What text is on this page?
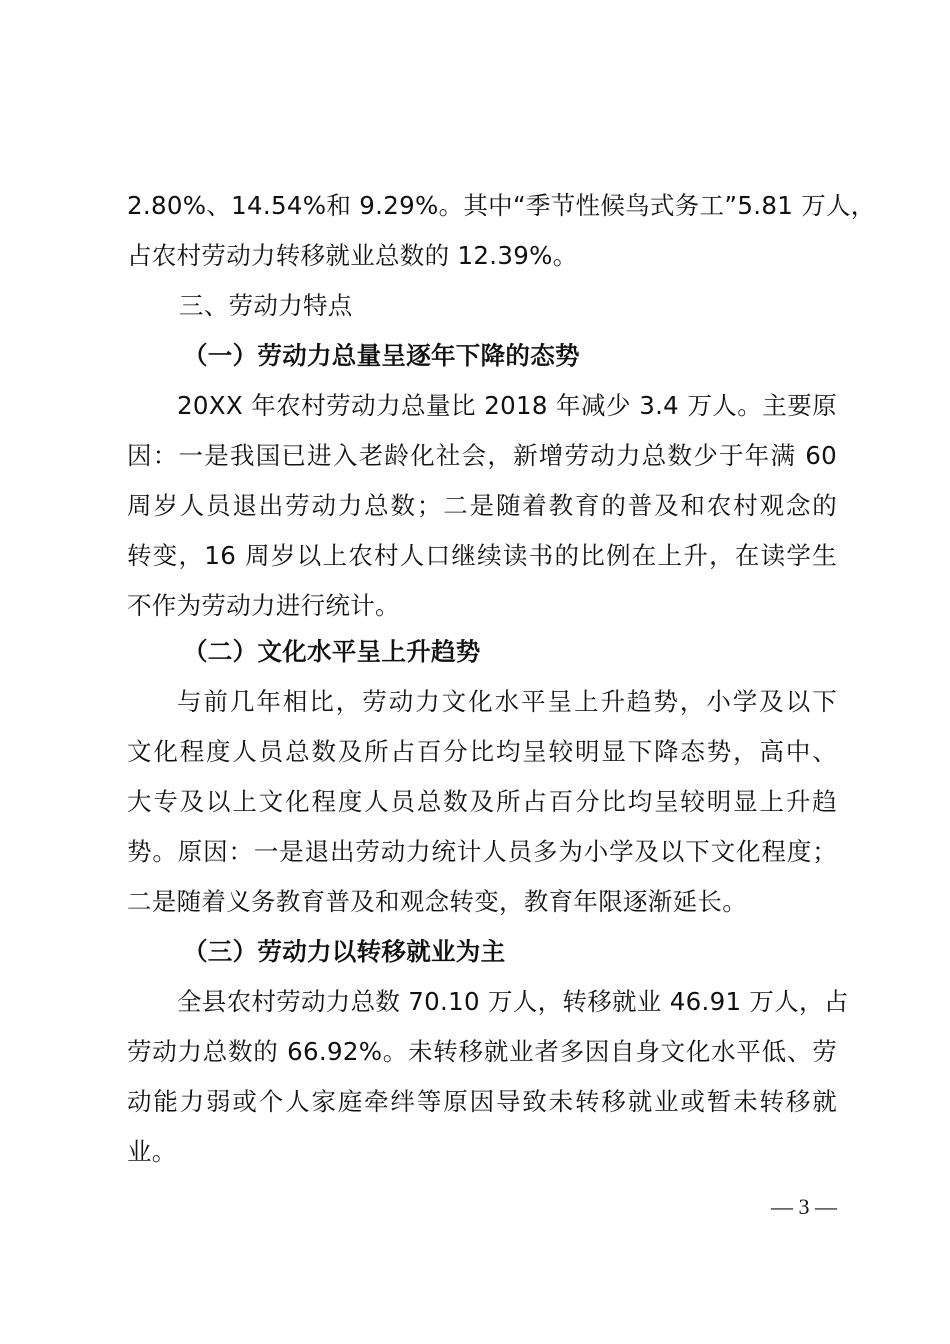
2.80%、14.54%和 9.29%。其中“季节性候鸟式务工”5.81 万人，
占农村劳动力转移就业总数的 12.39%。
三、劳动力特点
（一）劳动力总量呈逐年下降的态势
20XX 年农村劳动力总量比 2018 年减少 3.4 万人。主要原
因：一是我国已进入老龄化社会，新增劳动力总数少于年满 60
周岁人员退出劳动力总数；二是随着教育的普及和农村观念的
转变，16 周岁以上农村人口继续读书的比例在上升，在读学生
不作为劳动力进行统计。
（二）文化水平呈上升趋势
与前几年相比，劳动力文化水平呈上升趋势，小学及以下
文化程度人员总数及所占百分比均呈较明显下降态势，高中、
大专及以上文化程度人员总数及所占百分比均呈较明显上升趋
势。原因：一是退出劳动力统计人员多为小学及以下文化程度；
二是随着义务教育普及和观念转变，教育年限逐渐延长。
（三）劳动力以转移就业为主
全县农村劳动力总数 70.10 万人，转移就业 46.91 万人，占
劳动力总数的 66.92%。未转移就业者多因自身文化水平低、劳
动能力弱或个人家庭牵绊等原因导致未转移就业或暂未转移就
业。
— 3 —
